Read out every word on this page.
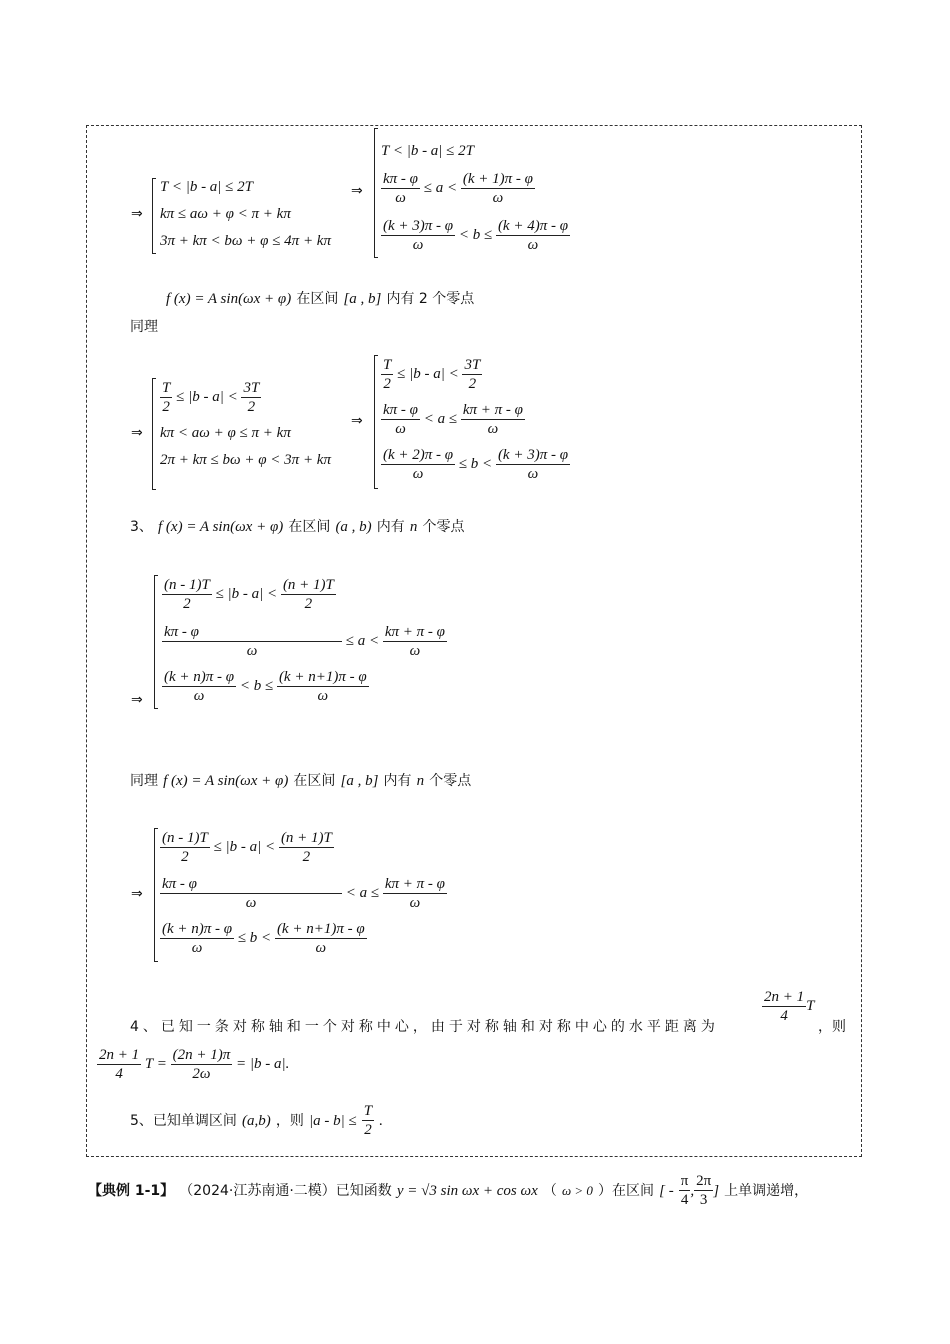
⇒
T < |b - a| ≤ 2T
kπ ≤ aω + φ < π + kπ
3π + kπ < bω + φ ≤ 4π + kπ
⇒
T < |b - a| ≤ 2T
$\frac{k\pi - \varphi}{\omega} \le a < \frac{(k + 1)\pi - \varphi}{\omega}$
$\frac{(k + 3)\pi - \varphi}{\omega} < b \le \frac{(k + 4)\pi - \varphi}{\omega}$
f (x) = A sin(ωx + φ) 在区间 [a , b] 内有 2 个零点
同理
⇒
$\frac{T}{2} \le |b - a| < \frac{3T}{2}$
kπ < aω + φ ≤ π + kπ
2π + kπ ≤ bω + φ < 3π + kπ
⇒
$\frac{T}{2} \le |b - a| < \frac{3T}{2}$
$\frac{k\pi - \varphi}{\omega} < a \le \frac{k\pi + \pi - \varphi}{\omega}$
$\frac{(k + 2)\pi - \varphi}{\omega} \le b < \frac{(k + 3)\pi - \varphi}{\omega}$
3、 f (x) = A sin(ωx + φ) 在区间 (a , b) 内有 n 个零点
⇒
$\frac{(n - 1)T}{2} \le |b - a| < \frac{(n + 1)T}{2}$
$\frac{k\pi - \varphi}{\omega} \le a < \frac{k\pi + \pi - \varphi}{\omega}$
$\frac{(k + n)\pi - \varphi}{\omega} < b \le \frac{(k + n+1)\pi - \varphi}{\omega}$
同理 f (x) = A sin(ωx + φ) 在区间 [a , b] 内有 n 个零点
⇒
$\frac{(n - 1)T}{2} \le |b - a| < \frac{(n + 1)T}{2}$
$\frac{k\pi - \varphi}{\omega} < a \le \frac{k\pi + \pi - \varphi}{\omega}$
$\frac{(k + n)\pi - \varphi}{\omega} \le b < \frac{(k + n+1)\pi - \varphi}{\omega}$
4、已知一条对称轴和一个对称中心，由于对称轴和对称中心的水平距离为
$\frac{2n + 1}{4}$ T
，则
$\frac{2n + 1}{4}$ $T = \frac{(2n + 1)\pi}{2\omega} = |b - a|$.
5、已知单调区间 (a,b) ，则 $|a - b| \le \frac{T}{2}$ .
【典例 1-1】 （2024·江苏南通·二模）已知函数 y = √3 sin ωx + cos ωx （ ω > 0 ）在区间 [ - $\frac{\pi}{4}$ , $\frac{2\pi}{3}$ ] 上单调递增，
